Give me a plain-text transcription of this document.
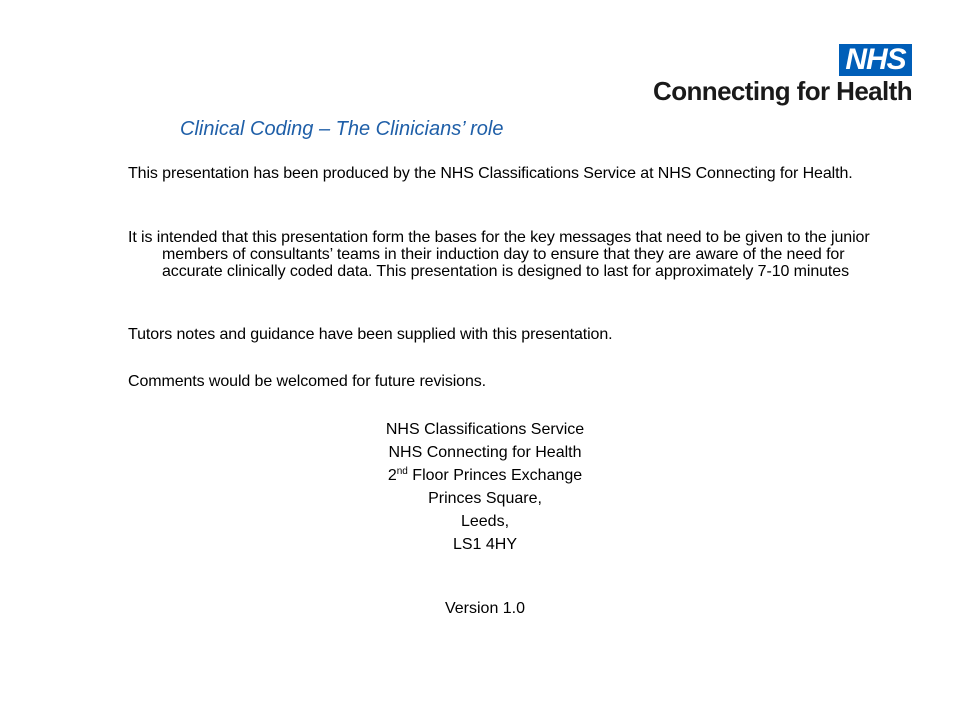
NHS
Connecting for Health
Clinical Coding – The Clinicians’ role

This presentation has been produced by the NHS Classifications Service at NHS Connecting for Health.

It is intended that this presentation form the bases for the key messages that need to be given to the junior members of consultants’ teams in their induction day to ensure that they are aware of the need for accurate clinically coded data. This presentation is designed to last for approximately 7-10 minutes

Tutors notes and guidance have been supplied with this presentation.

Comments would be welcomed for future revisions.

NHS Classifications Service
NHS Connecting for Health
2nd Floor Princes Exchange
Princes Square,
Leeds,
LS1 4HY
Version 1.0
